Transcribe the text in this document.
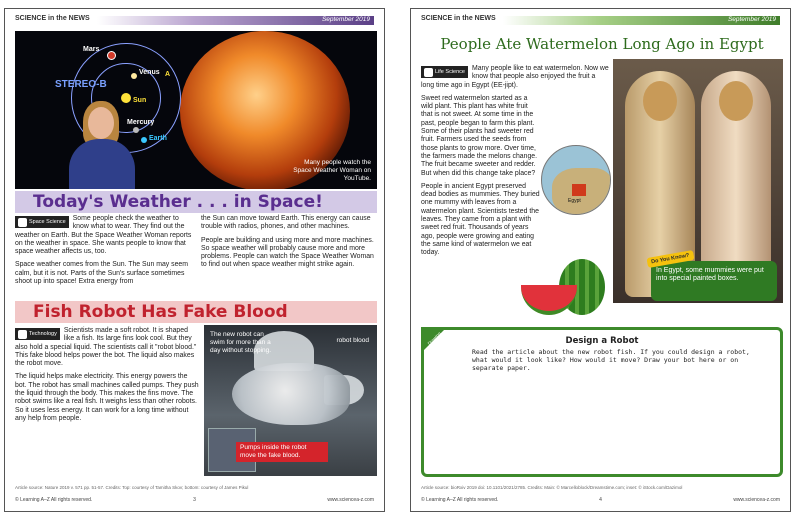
SCIENCE in the NEWS	September 2019
Mars
Venus A
STEREO-B
Sun
Mercury
Earth
Many people watch the Space Weather Woman on YouTube.
Today's Weather . . . in Space!
Space Science	Some people check the weather to know what to wear. They find out the weather on Earth. But the Space Weather Woman reports on the weather in space. She wants people to know that space weather affects us, too.

Space weather comes from the Sun. The Sun may seem calm, but it is not. Parts of the Sun's surface sometimes shoot up into space! Extra energy from

the Sun can move toward Earth. This energy can cause trouble with radios, phones, and other machines.

People are building and using more and more machines. So space weather will probably cause more and more problems. People can watch the Space Weather Woman to find out when space weather might strike again.

Fish Robot Has Fake Blood
Technology	Scientists made a soft robot. It is shaped like a fish. Its large fins look cool. But they also hold a special liquid. The scientists call it "robot blood." This fake blood helps power the bot. The liquid also makes the robot move.

The liquid helps make electricity. This energy powers the bot. The robot has small machines called pumps. They push the liquid through the body. This makes the fins move. The robot swims like a real fish. It weighs less than other robots. So it uses less energy. It can work for a long time without any help from people.

The new robot can swim for more than a day without stopping.
robot blood
Pumps inside the robot move the fake blood.
Article source: Nature 2019 v. 571 pp. 51-57. Credits: Top: courtesy of Tamitha Skov; bottom: courtesy of James Pikul
© Learning A–Z All rights reserved.	3	www.sciencea-z.com
SCIENCE in the NEWS	September 2019
People Ate Watermelon Long Ago in Egypt
Life Science	Many people like to eat watermelon. Now we know that people also enjoyed the fruit a long time ago in Egypt (EE-jipt).

Sweet red watermelon started as a wild plant. This plant has white fruit that is not sweet. At some time in the past, people began to farm this plant. Some of their plants had sweeter red fruit. Farmers used the seeds from those plants to grow more. Over time, the farmers made the melons change. The fruit became sweeter and redder. But when did this change take place?

People in ancient Egypt preserved dead bodies as mummies. They buried one mummy with leaves from a watermelon plant. Scientists tested the leaves. They came from a plant with sweet red fruit. Thousands of years ago, people were growing and eating the same kind of watermelon we eat today.

Egypt
Do You Know?
In Egypt, some mummies were put into special painted boxes.
Drawing	Design a Robot
Read the article about the new robot fish. If you could design a robot, what would it look like? How would it move? Draw your bot here or on separate paper.
Article source: bioRxiv 2019 doi: 10.1101/2021/2785. Credits: Main: © Marcelloblock/Dreamstime.com; inset: © iStock.com/Dazimol
© Learning A–Z All rights reserved.	4	www.sciencea-z.com
